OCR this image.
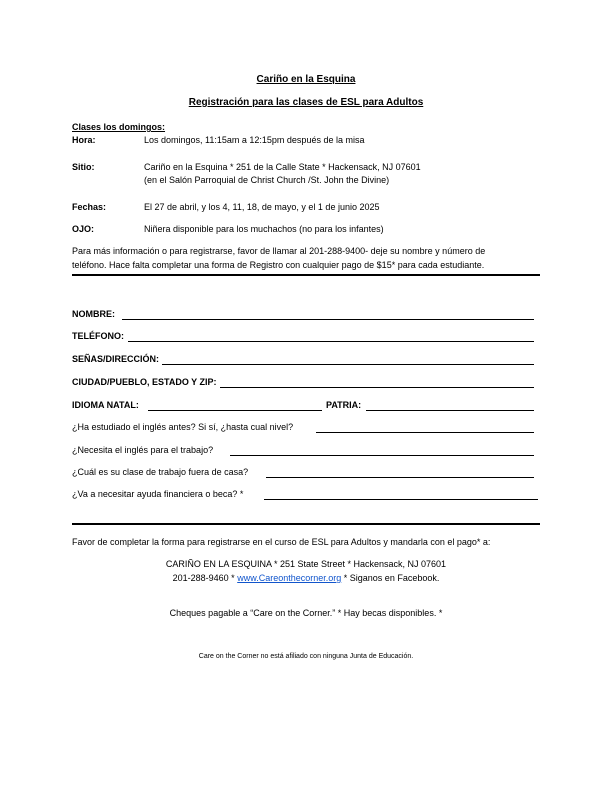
Cariño en la Esquina
Registración para las clases de ESL para Adultos
Clases los domingos:
Hora:	Los domingos, 11:15am a 12:15pm después de la misa
Sitio:	Cariño en la Esquina * 251 de la Calle State * Hackensack, NJ 07601
(en el Salón Parroquial de Christ Church /St. John the Divine)
Fechas:	El 27 de abril, y los 4, 11, 18, de mayo, y el 1 de junio 2025
OJO:	Niñera disponible para los muchachos (no para los infantes)
Para más información o para registrarse, favor de llamar al 201-288-9400- deje su nombre y número de
teléfono. Hace falta completar una forma de Registro con cualquier pago de $15* para cada estudiante.
NOMBRE:
TELÉFONO:
SEÑAS/DIRECCIÓN:
CIUDAD/PUEBLO, ESTADO Y ZIP:
IDIOMA NATAL:	PATRIA:
¿Ha estudiado el inglés antes? Si sí, ¿hasta cual nivel?
¿Necesita el inglés para el trabajo?
¿Cuál es su clase de trabajo fuera de casa?
¿Va a necesitar ayuda financiera o beca? *
Favor de completar la forma para registrarse en el curso de ESL para Adultos y mandarla con el pago* a:
CARIÑO EN LA ESQUINA * 251 State Street * Hackensack, NJ 07601
201-288-9460 * www.Careonthecorner.org * Siganos en Facebook.
Cheques pagable a “Care on the Corner.” * Hay becas disponibles. *
Care on the Corner no está afiliado con ninguna Junta de Educación.
